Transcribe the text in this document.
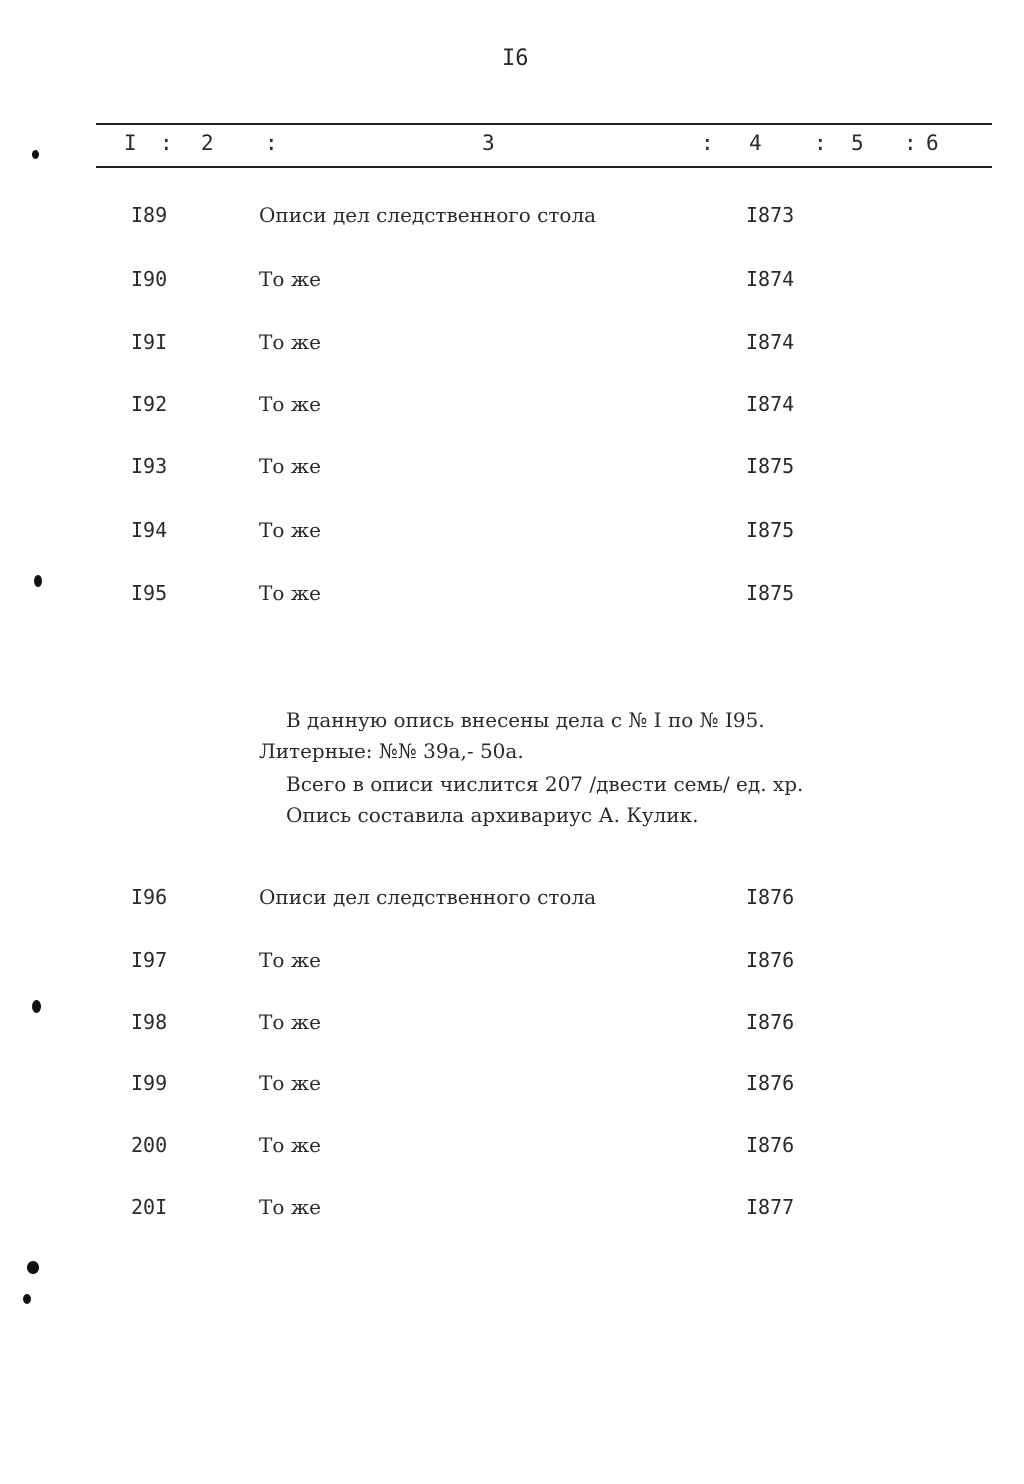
I6
I : 2 :	3	: 4 : 5 : 6
I89	Описи дел следственного стола	I873
I90	То же	I874
I9I	То же	I874
I92	То же	I874
I93	То же	I875
I94	То же	I875
I95	То же	I875
В данную опись внесены дела с № I по № I95.
Литерные: №№ 39а,- 50а.
Всего в описи числится 207 /двести семь/ ед. хр.
Опись составила архивариус А. Кулик.
I96	Описи дел следственного стола	I876
I97	То же	I876
I98	То же	I876
I99	То же	I876
200	То же	I876
20I	То же	I877
